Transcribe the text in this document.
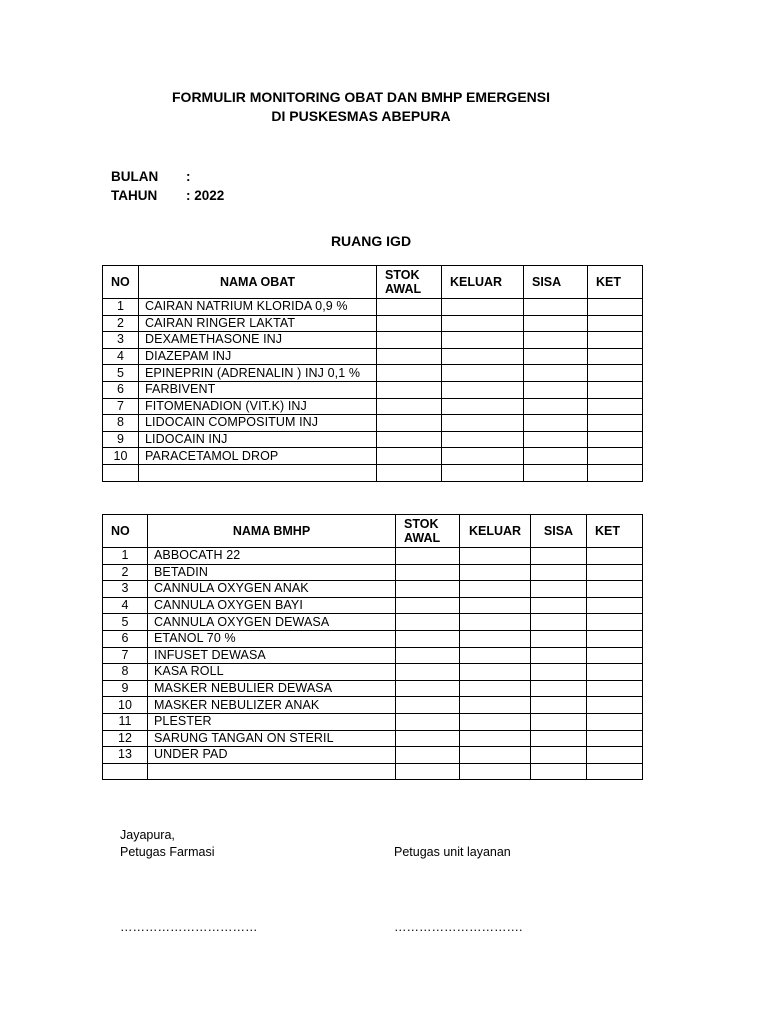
FORMULIR MONITORING OBAT DAN BMHP EMERGENSI
DI PUSKESMAS ABEPURA
BULAN :
TAHUN : 2022
RUANG IGD
NO	NAMA OBAT	STOK AWAL	KELUAR	SISA	KET
1	CAIRAN NATRIUM KLORIDA 0,9 %				
2	CAIRAN RINGER LAKTAT				
3	DEXAMETHASONE INJ				
4	DIAZEPAM INJ				
5	EPINEPRIN (ADRENALIN ) INJ 0,1 %				
6	FARBIVENT				
7	FITOMENADION (VIT.K) INJ				
8	LIDOCAIN COMPOSITUM INJ				
9	LIDOCAIN INJ				
10	PARACETAMOL DROP				

NO	NAMA BMHP	STOK AWAL	KELUAR	SISA	KET
1	ABBOCATH 22				
2	BETADIN				
3	CANNULA OXYGEN ANAK				
4	CANNULA OXYGEN BAYI				
5	CANNULA OXYGEN DEWASA				
6	ETANOL 70 %				
7	INFUSET DEWASA				
8	KASA ROLL				
9	MASKER NEBULIER DEWASA				
10	MASKER NEBULIZER ANAK				
11	PLESTER				
12	SARUNG TANGAN ON STERIL				
13	UNDER PAD				

Jayapura,
Petugas Farmasi	Petugas unit layanan
……………………………	………………………….
